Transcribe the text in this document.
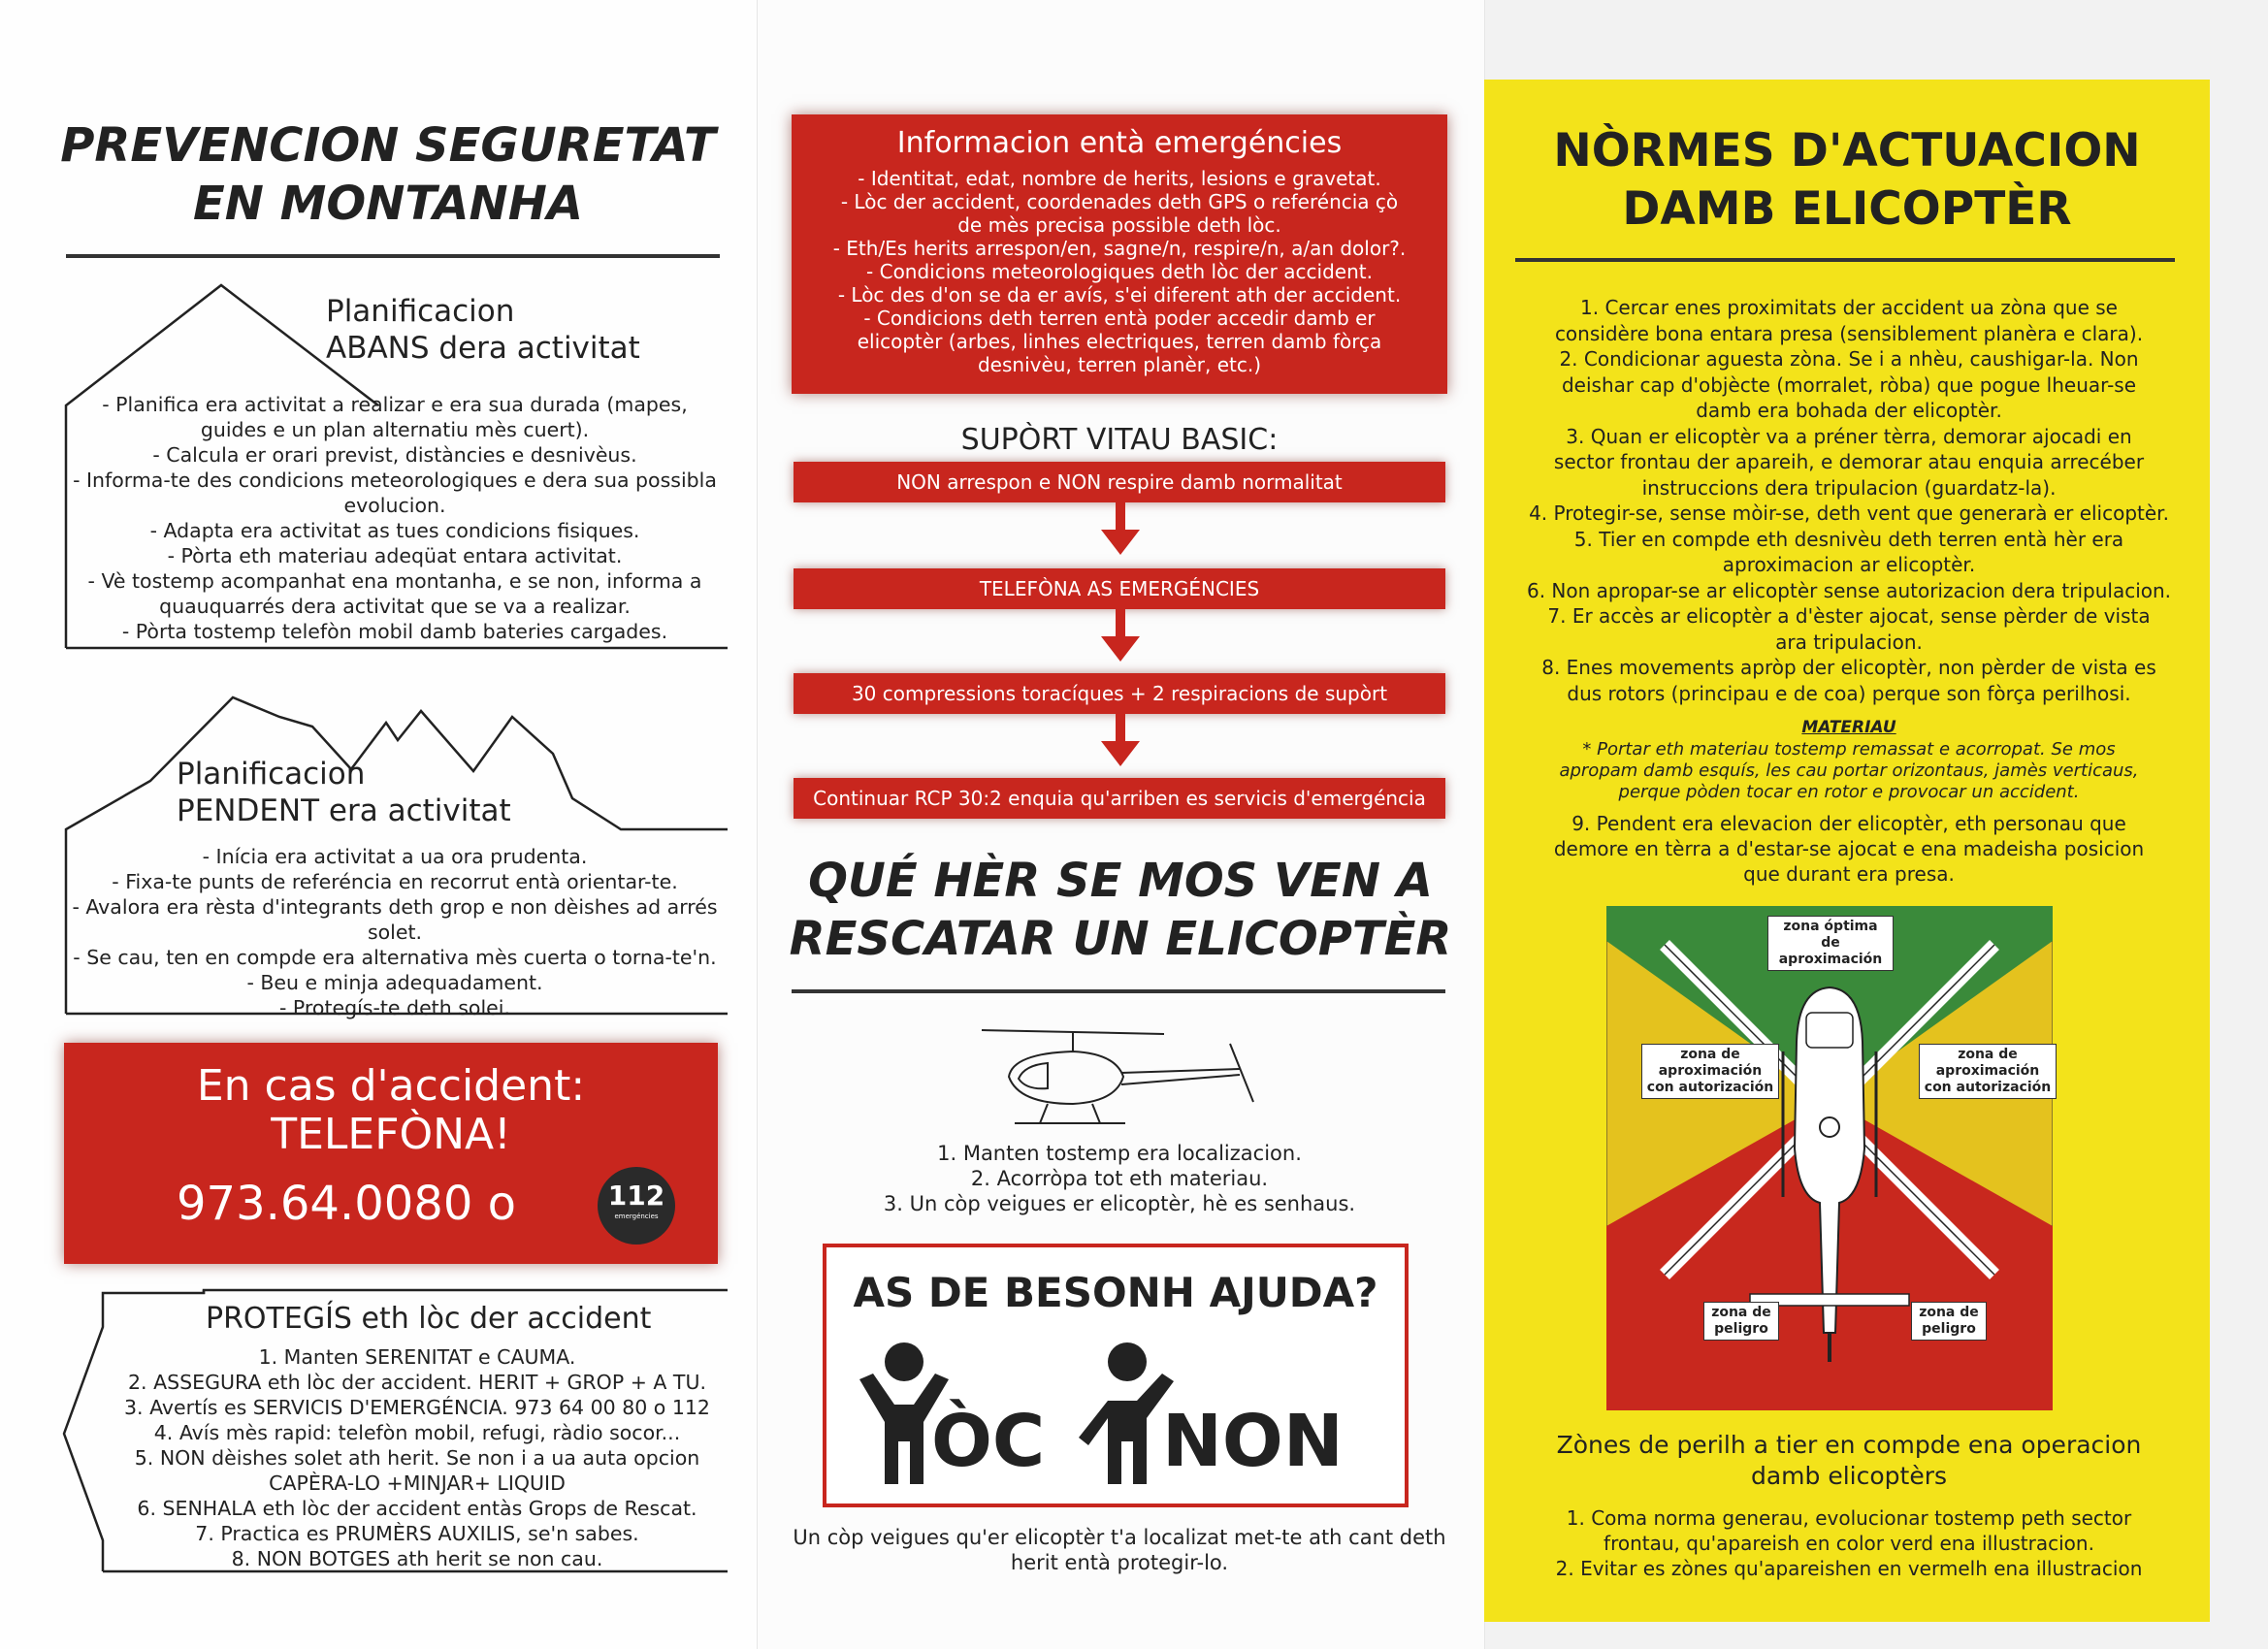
PREVENCION SEGURETAT
EN MONTANHA
Planificacion
ABANS dera activitat
- Planifica era activitat a realizar e era sua durada (mapes,
guides e un plan alternatiu mès cuert).
- Calcula er orari previst, distàncies e desnivèus.
- Informa-te des condicions meteorologiques e dera sua possibla
evolucion.
- Adapta era activitat as tues condicions fisiques.
- Pòrta eth materiau adeqüat entara activitat.
- Vè tostemp acompanhat ena montanha, e se non, informa a
quauquarrés dera activitat que se va a realizar.
- Pòrta tostemp telefòn mobil damb bateries cargades.
Planificacion
PENDENT era activitat
- Inícia era activitat a ua ora prudenta.
- Fixa-te punts de referéncia en recorrut entà orientar-te.
- Avalora era rèsta d'integrants deth grop e non dèishes ad arrés solet.
- Se cau, ten en compde era alternativa mès cuerta o torna-te'n.
- Beu e minja adequadament.
- Protegís-te deth solei.
En cas d'accident:
TELEFÒNA!
973.64.0080 o	112
emergéncies
PROTEGÍS eth lòc der accident
1. Manten SERENITAT e CAUMA.
2. ASSEGURA eth lòc der accident. HERIT + GROP + A TU.
3. Avertís es SERVICIS D'EMERGÉNCIA. 973 64 00 80 o 112
4. Avís mès rapid: telefòn mobil, refugi, ràdio socor...
5. NON dèishes solet ath herit. Se non i a ua auta opcion
CAPÈRA-LO +MINJAR+ LIQUID
6. SENHALA eth lòc der accident entàs Grops de Rescat.
7. Practica es PRUMÈRS AUXILIS, se'n sabes.
8. NON BOTGES ath herit se non cau.
Informacion entà emergéncies
- Identitat, edat, nombre de herits, lesions e gravetat.
- Lòc der accident, coordenades deth GPS o referéncia çò
de mès precisa possible deth lòc.
- Eth/Es herits arrespon/en, sagne/n, respire/n, a/an dolor?.
- Condicions meteorologiques deth lòc der accident.
- Lòc des d'on se da er avís, s'ei diferent ath der accident.
- Condicions deth terren entà poder accedir damb er
elicoptèr (arbes, linhes electriques, terren damb fòrça
desnivèu, terren planèr, etc.)
SUPÒRT VITAU BASIC:
NON arrespon e NON respire damb normalitat
TELEFÒNA AS EMERGÉNCIES
30 compressions toracíques + 2 respiracions de supòrt
Continuar RCP 30:2 enquia qu'arriben es servicis d'emergéncia
QUÉ HÈR SE MOS VEN A
RESCATAR UN ELICOPTÈR
1. Manten tostemp era localizacion.
2. Acorròpa tot eth materiau.
3. Un còp veigues er elicoptèr, hè es senhaus.
AS DE BESONH AJUDA?
ÒC NON
Un còp veigues qu'er elicoptèr t'a localizat met-te ath cant deth
herit entà protegir-lo.
NÒRMES D'ACTUACION
DAMB ELICOPTÈR
1. Cercar enes proximitats der accident ua zòna que se
considère bona entara presa (sensiblement planèra e clara).
2. Condicionar aguesta zòna. Se i a nhèu, caushigar-la. Non
deishar cap d'objècte (morralet, ròba) que pogue lheuar-se
damb era bohada der elicoptèr.
3. Quan er elicoptèr va a préner tèrra, demorar ajocadi en
sector frontau der apareih, e demorar atau enquia arrecéber
instruccions dera tripulacion (guardatz-la).
4. Protegir-se, sense mòir-se, deth vent que generarà er elicoptèr.
5. Tier en compde eth desnivèu deth terren entà hèr era
aproximacion ar elicoptèr.
6. Non apropar-se ar elicoptèr sense autorizacion dera tripulacion.
7. Er accès ar elicoptèr a d'èster ajocat, sense pèrder de vista
ara tripulacion.
8. Enes movements apròp der elicoptèr, non pèrder de vista es
dus rotors (principau e de coa) perque son fòrça perilhosi.
MATERIAU
* Portar eth materiau tostemp remassat e acorropat. Se mos
apropam damb esquís, les cau portar orizontaus, jamès verticaus,
perque pòden tocar en rotor e provocar un accident.
9. Pendent era elevacion der elicoptèr, eth personau que
demore en tèrra a d'estar-se ajocat e ena madeisha posicion
que durant era presa.
zona óptima
de aproximación
zona de
aproximación
con autorización
zona de
aproximación
con autorización
zona de
peligro
zona de
peligro
Zònes de perilh a tier en compde ena operacion
damb elicoptèrs
1. Coma norma generau, evolucionar tostemp peth sector
frontau, qu'apareish en color verd ena illustracion.
2. Evitar es zònes qu'apareishen en vermelh ena illustracion
